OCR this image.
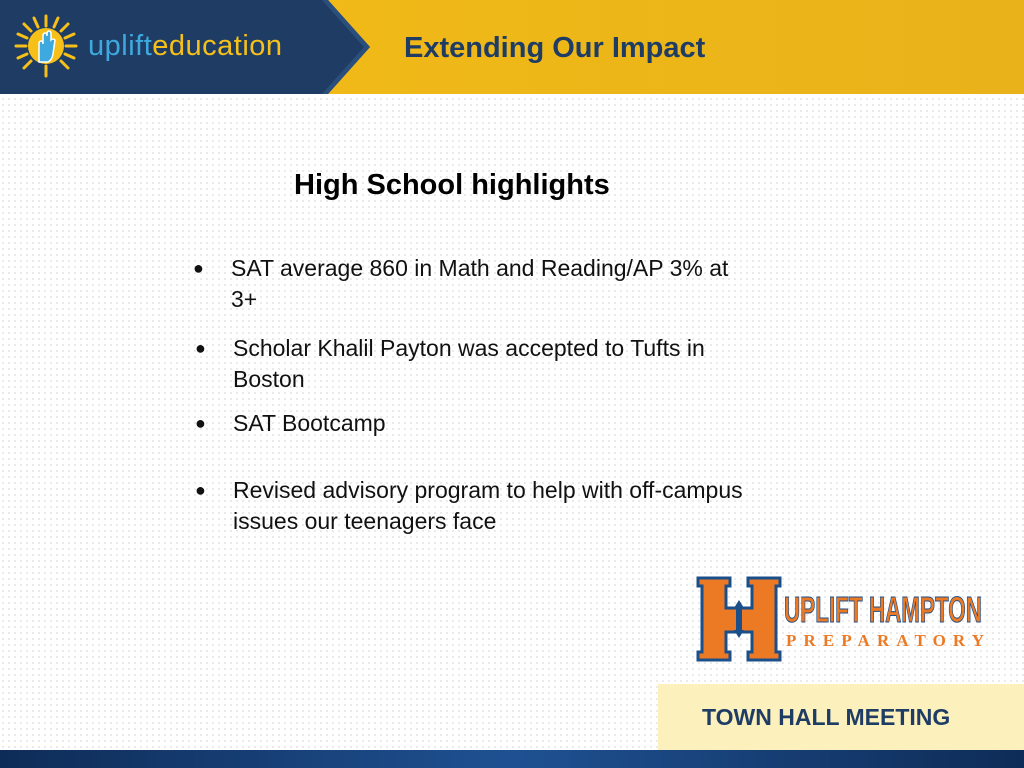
uplifteducation	Extending Our Impact
High School highlights
● SAT average 860 in Math and Reading/AP 3% at
3+
● Scholar Khalil Payton was accepted to Tufts in
Boston
● SAT Bootcamp
● Revised advisory program to help with off-campus
issues our teenagers face
UPLIFT HAMPTON
PREPARATORY
TOWN HALL MEETING
